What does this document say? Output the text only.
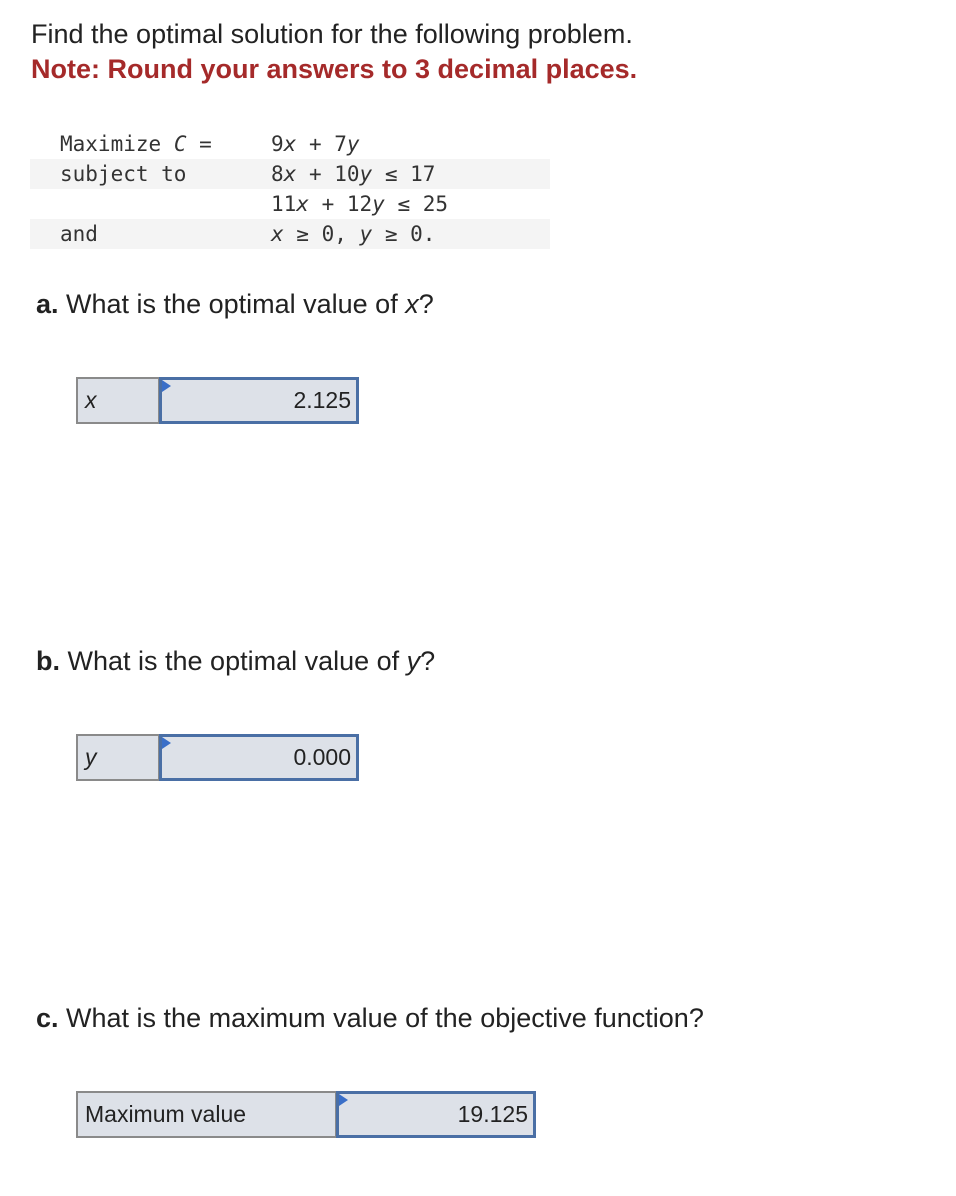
Find the optimal solution for the following problem.
Note: Round your answers to 3 decimal places.
Maximize C =	9x + 7y
subject to	8x + 10y ≤ 17
11x + 12y ≤ 25
and	x ≥ 0, y ≥ 0.
a. What is the optimal value of x?
x	2.125
b. What is the optimal value of y?
y	0.000
c. What is the maximum value of the objective function?
Maximum value	19.125
